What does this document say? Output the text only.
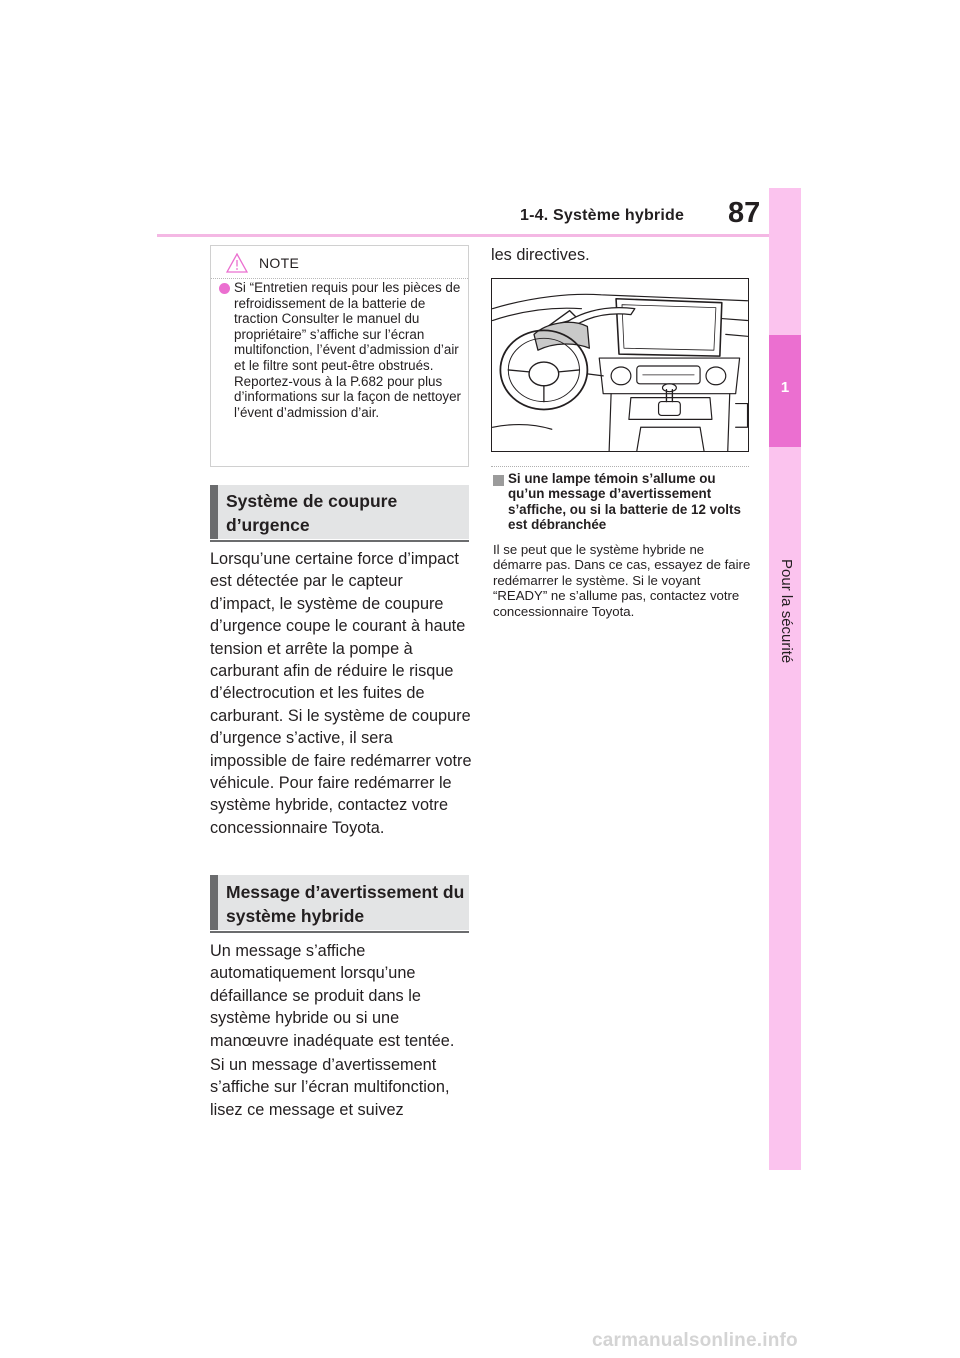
1-4. Système hybride 87
1
Pour la sécurité
NOTE
Si “Entretien requis pour les pièces de refroidissement de la batterie de traction Consulter le manuel du propriétaire” s’affiche sur l’écran multifonction, l’évent d’admission d’air et le filtre sont peut-être obstrués. Reportez-vous à la P.682 pour plus d’informations sur la façon de nettoyer l’évent d’admission d’air.
Système de coupure d’urgence
Lorsqu’une certaine force d’impact est détectée par le capteur d’impact, le système de coupure d’urgence coupe le courant à haute tension et arrête la pompe à carburant afin de réduire le risque d’électrocution et les fuites de carburant. Si le système de coupure d’urgence s’active, il sera impossible de faire redémarrer votre véhicule. Pour faire redémarrer le système hybride, contactez votre concessionnaire Toyota.
Message d’avertissement du système hybride
Un message s’affiche automatiquement lorsqu’une défaillance se produit dans le système hybride ou si une manœuvre inadéquate est tentée.
Si un message d’avertissement s’affiche sur l’écran multifonction, lisez ce message et suivez
les directives.
Si une lampe témoin s’allume ou qu’un message d’avertissement s’affiche, ou si la batterie de 12 volts est débranchée
Il se peut que le système hybride ne démarre pas. Dans ce cas, essayez de faire redémarrer le système. Si le voyant “READY” ne s’allume pas, contactez votre concessionnaire Toyota.
carmanualsonline.info
